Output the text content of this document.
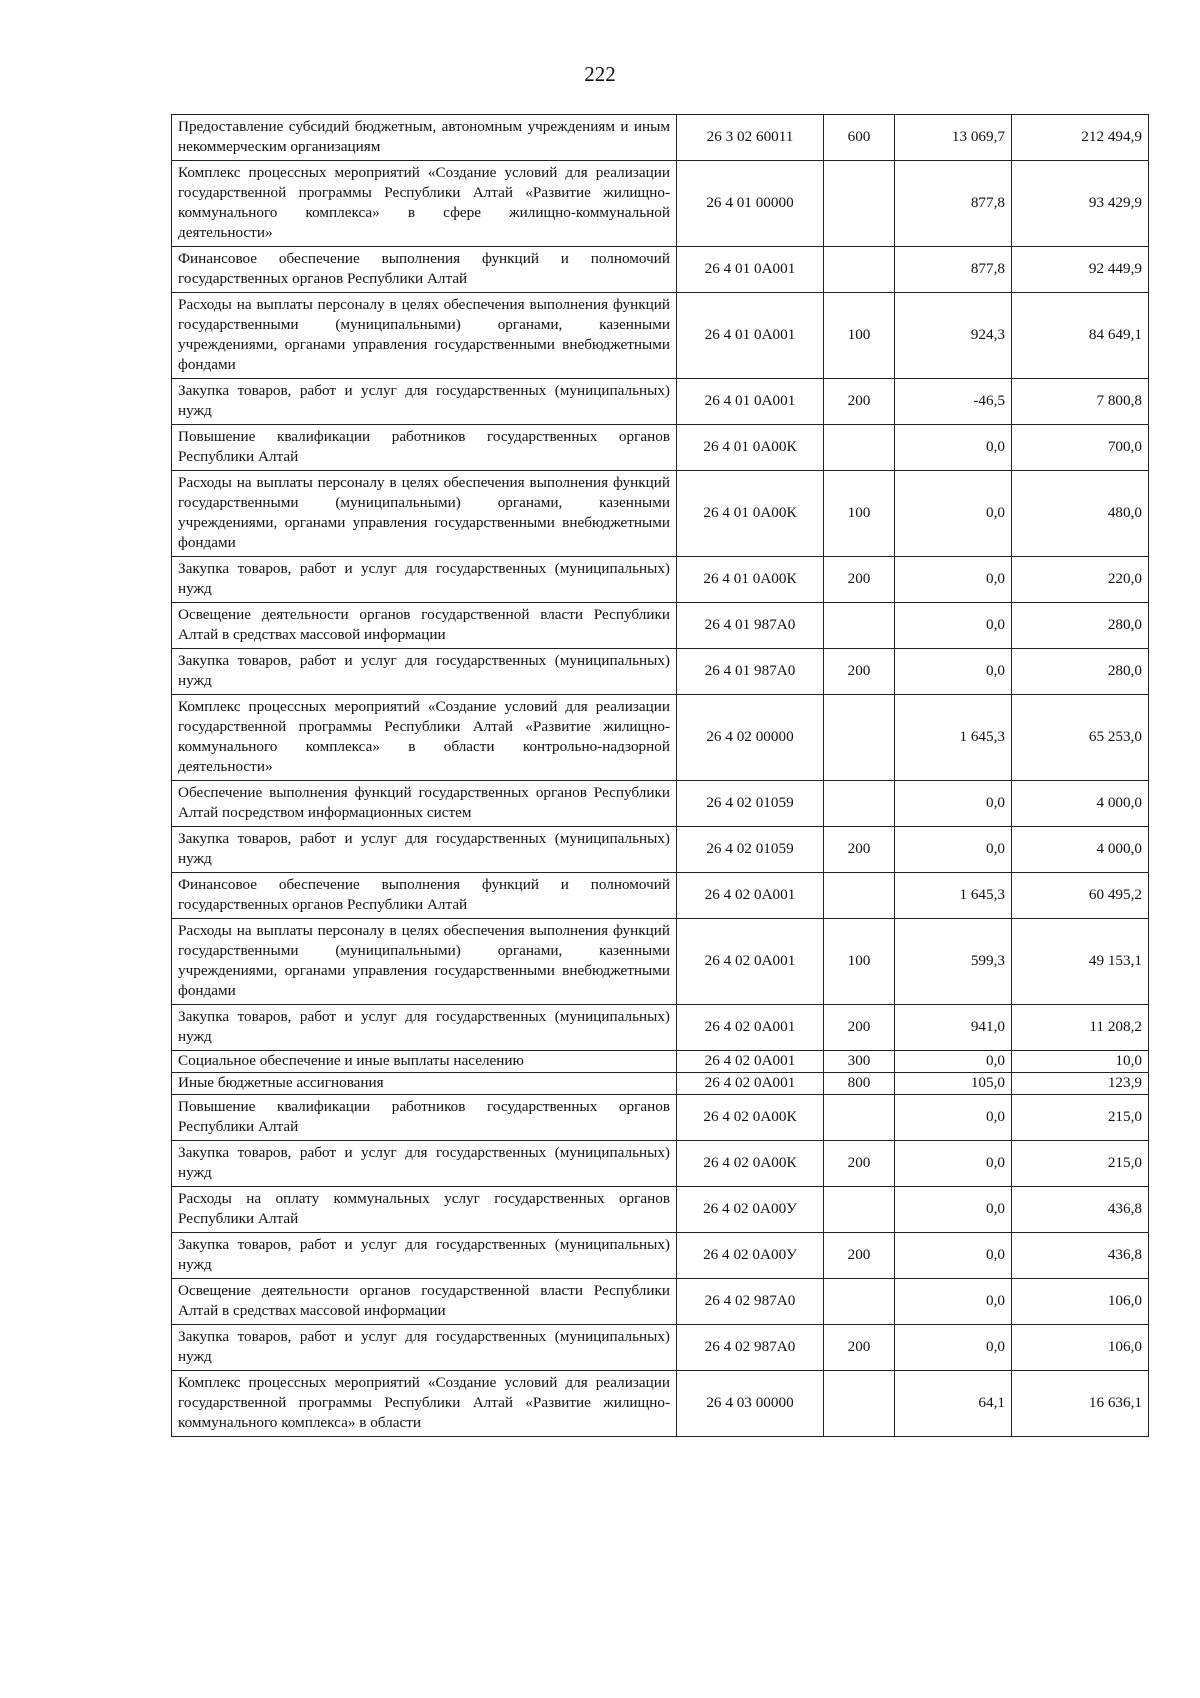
222
Предоставление субсидий бюджетным, автономным учреждениям и иным некоммерческим организациям	26 3 02 60011	600	13 069,7	212 494,9
Комплекс процессных мероприятий «Создание условий для реализации государственной программы Республики Алтай «Развитие жилищно-коммунального комплекса» в сфере жилищно-коммунальной деятельности»	26 4 01 00000		877,8	93 429,9
Финансовое обеспечение выполнения функций и полномочий государственных органов Республики Алтай	26 4 01 0А001		877,8	92 449,9
Расходы на выплаты персоналу в целях обеспечения выполнения функций государственными (муниципальными) органами, казенными учреждениями, органами управления государственными внебюджетными фондами	26 4 01 0А001	100	924,3	84 649,1
Закупка товаров, работ и услуг для государственных (муниципальных) нужд	26 4 01 0А001	200	-46,5	7 800,8
Повышение квалификации работников государственных органов Республики Алтай	26 4 01 0А00К		0,0	700,0
Расходы на выплаты персоналу в целях обеспечения выполнения функций государственными (муниципальными) органами, казенными учреждениями, органами управления государственными внебюджетными фондами	26 4 01 0А00К	100	0,0	480,0
Закупка товаров, работ и услуг для государственных (муниципальных) нужд	26 4 01 0А00К	200	0,0	220,0
Освещение деятельности органов государственной власти Республики Алтай в средствах массовой информации	26 4 01 987А0		0,0	280,0
Закупка товаров, работ и услуг для государственных (муниципальных) нужд	26 4 01 987А0	200	0,0	280,0
Комплекс процессных мероприятий «Создание условий для реализации государственной программы Республики Алтай «Развитие жилищно-коммунального комплекса» в области контрольно-надзорной деятельности»	26 4 02 00000		1 645,3	65 253,0
Обеспечение выполнения функций государственных органов Республики Алтай посредством информационных систем	26 4 02 01059		0,0	4 000,0
Закупка товаров, работ и услуг для государственных (муниципальных) нужд	26 4 02 01059	200	0,0	4 000,0
Финансовое обеспечение выполнения функций и полномочий государственных органов Республики Алтай	26 4 02 0А001		1 645,3	60 495,2
Расходы на выплаты персоналу в целях обеспечения выполнения функций государственными (муниципальными) органами, казенными учреждениями, органами управления государственными внебюджетными фондами	26 4 02 0А001	100	599,3	49 153,1
Закупка товаров, работ и услуг для государственных (муниципальных) нужд	26 4 02 0А001	200	941,0	11 208,2
Социальное обеспечение и иные выплаты населению	26 4 02 0А001	300	0,0	10,0
Иные бюджетные ассигнования	26 4 02 0А001	800	105,0	123,9
Повышение квалификации работников государственных органов Республики Алтай	26 4 02 0А00К		0,0	215,0
Закупка товаров, работ и услуг для государственных (муниципальных) нужд	26 4 02 0А00К	200	0,0	215,0
Расходы на оплату коммунальных услуг государственных органов Республики Алтай	26 4 02 0А00У		0,0	436,8
Закупка товаров, работ и услуг для государственных (муниципальных) нужд	26 4 02 0А00У	200	0,0	436,8
Освещение деятельности органов государственной власти Республики Алтай в средствах массовой информации	26 4 02 987А0		0,0	106,0
Закупка товаров, работ и услуг для государственных (муниципальных) нужд	26 4 02 987А0	200	0,0	106,0
Комплекс процессных мероприятий «Создание условий для реализации государственной программы Республики Алтай «Развитие жилищно-коммунального комплекса» в области	26 4 03 00000		64,1	16 636,1
